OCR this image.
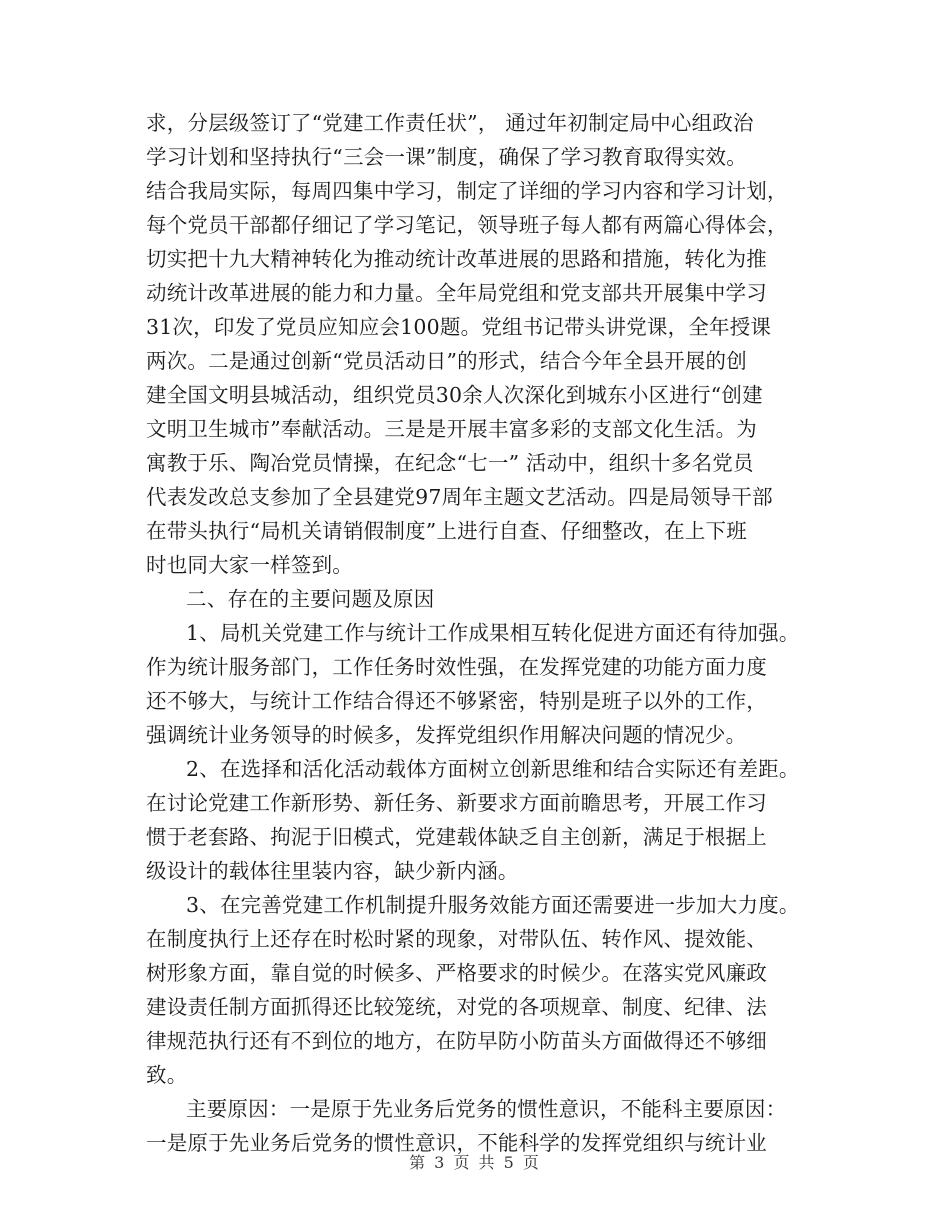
求，分层级签订了“党建工作责任状”， 通过年初制定局中心组政治
学习计划和坚持执行“三会一课”制度，确保了学习教育取得实效。
结合我局实际，每周四集中学习，制定了详细的学习内容和学习计划，
每个党员干部都仔细记了学习笔记，领导班子每人都有两篇心得体会，
切实把十九大精神转化为推动统计改革进展的思路和措施，转化为推
动统计改革进展的能力和力量。全年局党组和党支部共开展集中学习
31次，印发了党员应知应会100题。党组书记带头讲党课，全年授课
两次。二是通过创新“党员活动日”的形式，结合今年全县开展的创
建全国文明县城活动，组织党员30余人次深化到城东小区进行“创建
文明卫生城市”奉献活动。三是是开展丰富多彩的支部文化生活。为
寓教于乐、陶冶党员情操，在纪念“七一” 活动中，组织十多名党员
代表发改总支参加了全县建党97周年主题文艺活动。四是局领导干部
在带头执行“局机关请销假制度”上进行自查、仔细整改，在上下班
时也同大家一样签到。
二、存在的主要问题及原因
1、局机关党建工作与统计工作成果相互转化促进方面还有待加强。
作为统计服务部门，工作任务时效性强，在发挥党建的功能方面力度
还不够大，与统计工作结合得还不够紧密，特别是班子以外的工作，
强调统计业务领导的时候多，发挥党组织作用解决问题的情况少。
2、在选择和活化活动载体方面树立创新思维和结合实际还有差距。
在讨论党建工作新形势、新任务、新要求方面前瞻思考，开展工作习
惯于老套路、拘泥于旧模式，党建载体缺乏自主创新，满足于根据上
级设计的载体往里装内容，缺少新内涵。
3、在完善党建工作机制提升服务效能方面还需要进一步加大力度。
在制度执行上还存在时松时紧的现象，对带队伍、转作风、提效能、
树形象方面，靠自觉的时候多、严格要求的时候少。在落实党风廉政
建设责任制方面抓得还比较笼统，对党的各项规章、制度、纪律、法
律规范执行还有不到位的地方，在防早防小防苗头方面做得还不够细
致。
主要原因：一是原于先业务后党务的惯性意识，不能科主要原因：
一是原于先业务后党务的惯性意识，不能科学的发挥党组织与统计业
第 3 页 共 5 页
